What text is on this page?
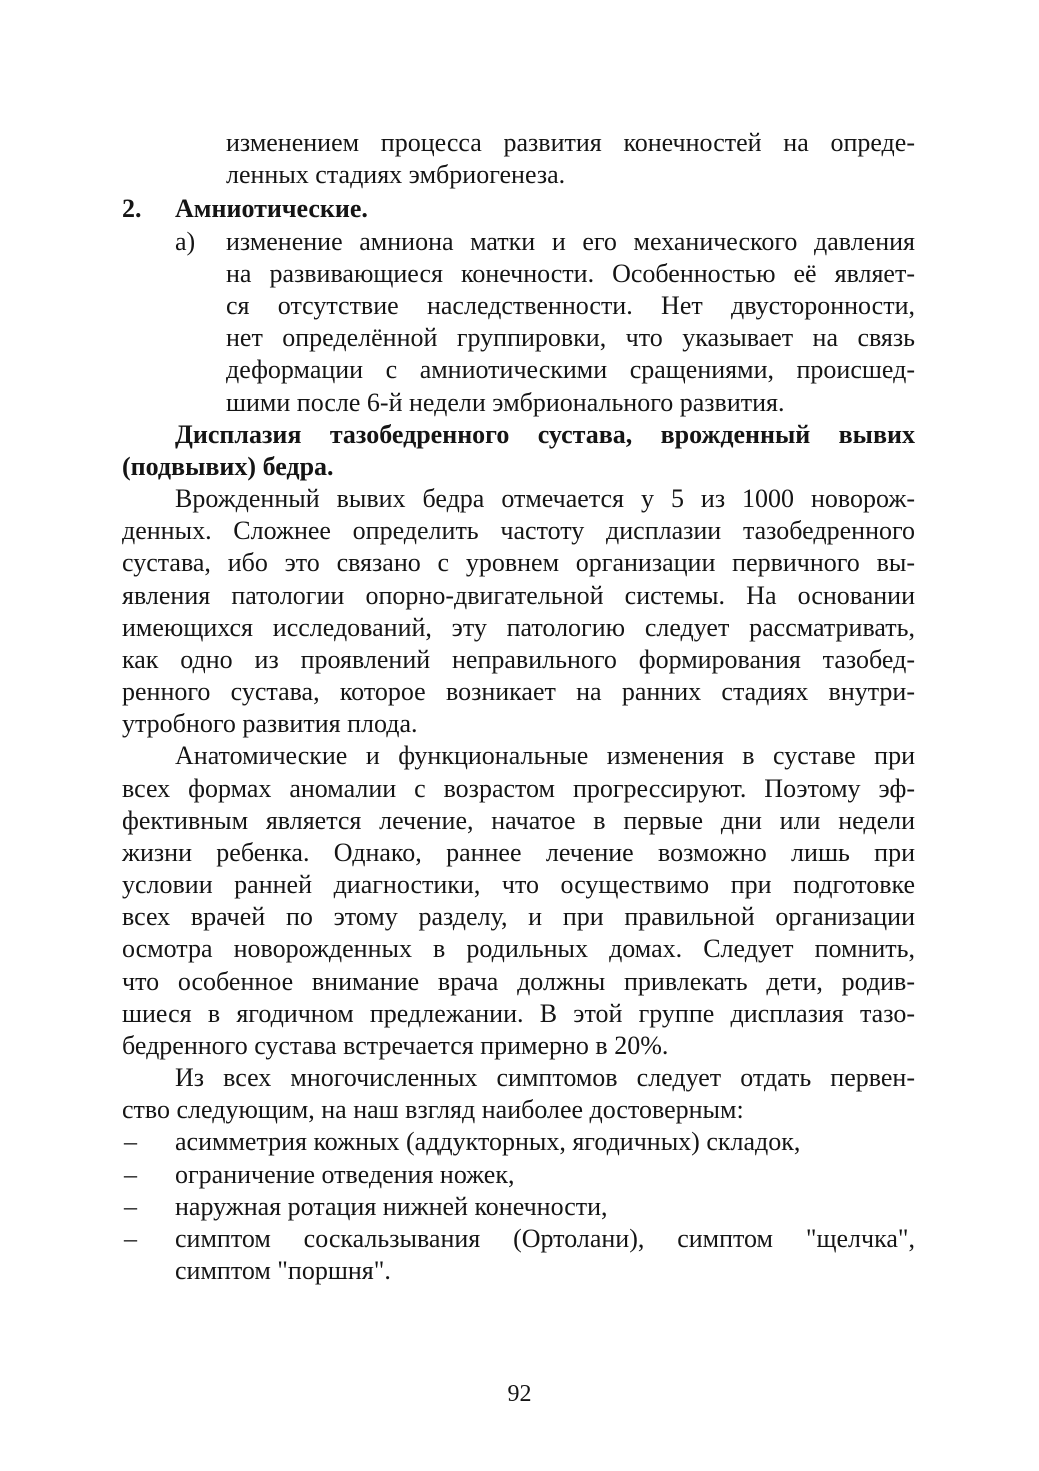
изменением процесса развития конечностей на опреде-
ленных стадиях эмбриогенеза.
2. Амниотические.
а) изменение амниона матки и его механического давления
на развивающиеся конечности. Особенностью её являет-
ся отсутствие наследственности. Нет двусторонности,
нет определённой группировки, что указывает на связь
деформации с амниотическими сращениями, происшед-
шими после 6-й недели эмбрионального развития.
Дисплазия тазобедренного сустава, врожденный вывих
(подвывих) бедра.
Врожденный вывих бедра отмечается у 5 из 1000 новорож-
денных. Сложнее определить частоту дисплазии тазобедренного
сустава, ибо это связано с уровнем организации первичного вы-
явления патологии опорно-двигательной системы. На основании
имеющихся исследований, эту патологию следует рассматривать,
как одно из проявлений неправильного формирования тазобед-
ренного сустава, которое возникает на ранних стадиях внутри-
утробного развития плода.
Анатомические и функциональные изменения в суставе при
всех формах аномалии с возрастом прогрессируют. Поэтому эф-
фективным является лечение, начатое в первые дни или недели
жизни ребенка. Однако, раннее лечение возможно лишь при
условии ранней диагностики, что осуществимо при подготовке
всех врачей по этому разделу, и при правильной организации
осмотра новорожденных в родильных домах. Следует помнить,
что особенное внимание врача должны привлекать дети, родив-
шиеся в ягодичном предлежании. В этой группе дисплазия тазо-
бедренного сустава встречается примерно в 20%.
Из всех многочисленных симптомов следует отдать первен-
ство следующим, на наш взгляд наиболее достоверным:
– асимметрия кожных (аддукторных, ягодичных) складок,
– ограничение отведения ножек,
– наружная ротация нижней конечности,
– симптом соскальзывания (Ортолани), симптом "щелчка",
симптом "поршня".
92
